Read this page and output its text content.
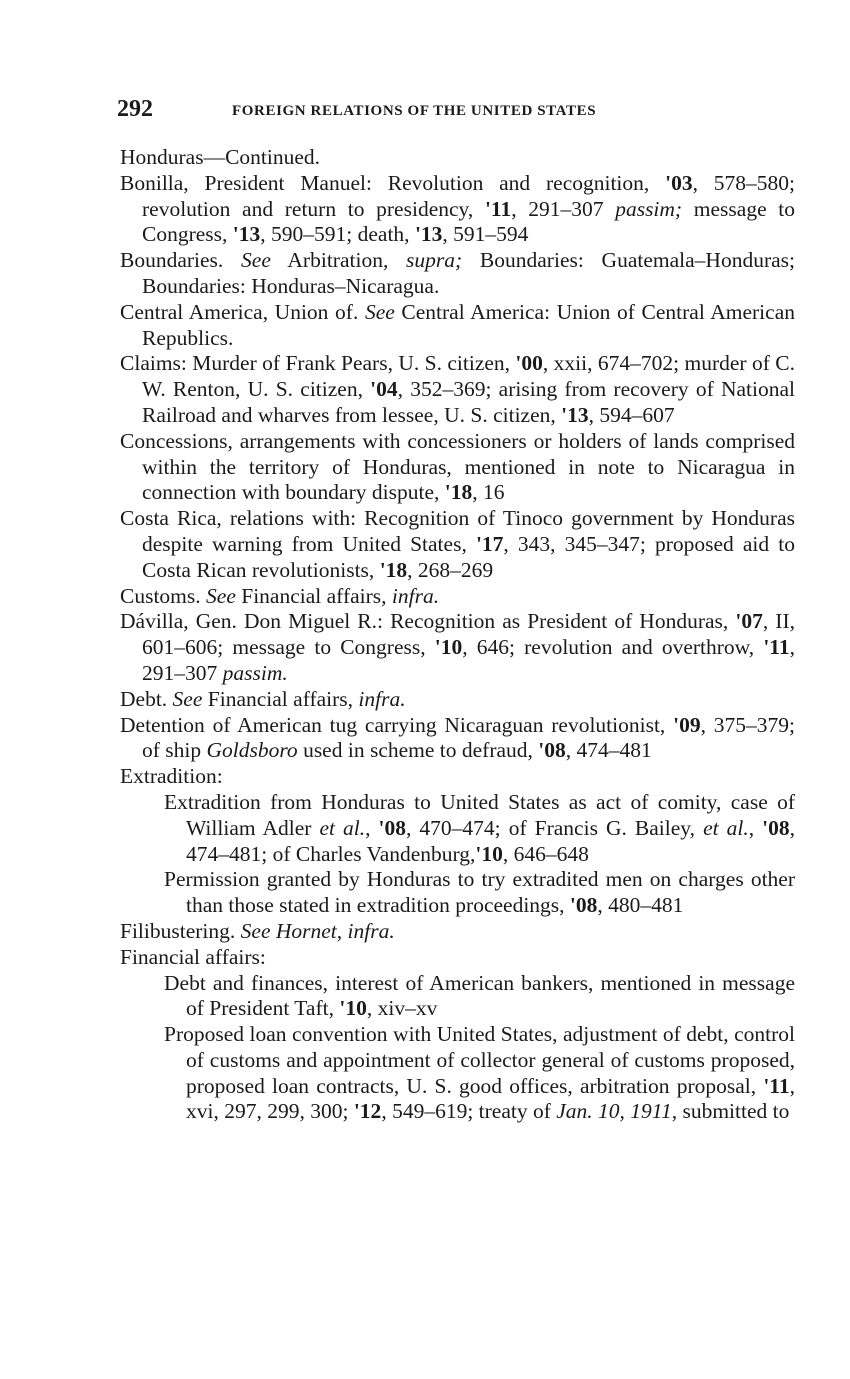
292	FOREIGN RELATIONS OF THE UNITED STATES
Honduras—Continued.
Bonilla, President Manuel: Revolution and recognition, '03, 578–580; revolution and return to presidency, '11, 291–307 passim; message to Congress, '13, 590–591; death, '13, 591–594
Boundaries. See Arbitration, supra; Boundaries: Guatemala–Honduras; Boundaries: Honduras–Nicaragua.
Central America, Union of. See Central America: Union of Central American Republics.
Claims: Murder of Frank Pears, U. S. citizen, '00, xxii, 674–702; murder of C. W. Renton, U. S. citizen, '04, 352–369; arising from recovery of National Railroad and wharves from lessee, U. S. citizen, '13, 594–607
Concessions, arrangements with concessioners or holders of lands comprised within the territory of Honduras, mentioned in note to Nicaragua in connection with boundary dispute, '18, 16
Costa Rica, relations with: Recognition of Tinoco government by Honduras despite warning from United States, '17, 343, 345–347; proposed aid to Costa Rican revolutionists, '18, 268–269
Customs. See Financial affairs, infra.
Dávilla, Gen. Don Miguel R.: Recognition as President of Honduras, '07, II, 601–606; message to Congress, '10, 646; revolution and overthrow, '11, 291–307 passim.
Debt. See Financial affairs, infra.
Detention of American tug carrying Nicaraguan revolutionist, '09, 375–379; of ship Goldsboro used in scheme to defraud, '08, 474–481
Extradition:
Extradition from Honduras to United States as act of comity, case of William Adler et al., '08, 470–474; of Francis G. Bailey, et al., '08, 474–481; of Charles Vandenburg,'10, 646–648
Permission granted by Honduras to try extradited men on charges other than those stated in extradition proceedings, '08, 480–481
Filibustering. See Hornet, infra.
Financial affairs:
Debt and finances, interest of American bankers, mentioned in message of President Taft, '10, xiv–xv
Proposed loan convention with United States, adjustment of debt, control of customs and appointment of collector general of customs proposed, proposed loan contracts, U. S. good offices, arbitration proposal, '11, xvi, 297, 299, 300; '12, 549–619; treaty of Jan. 10, 1911, submitted to
